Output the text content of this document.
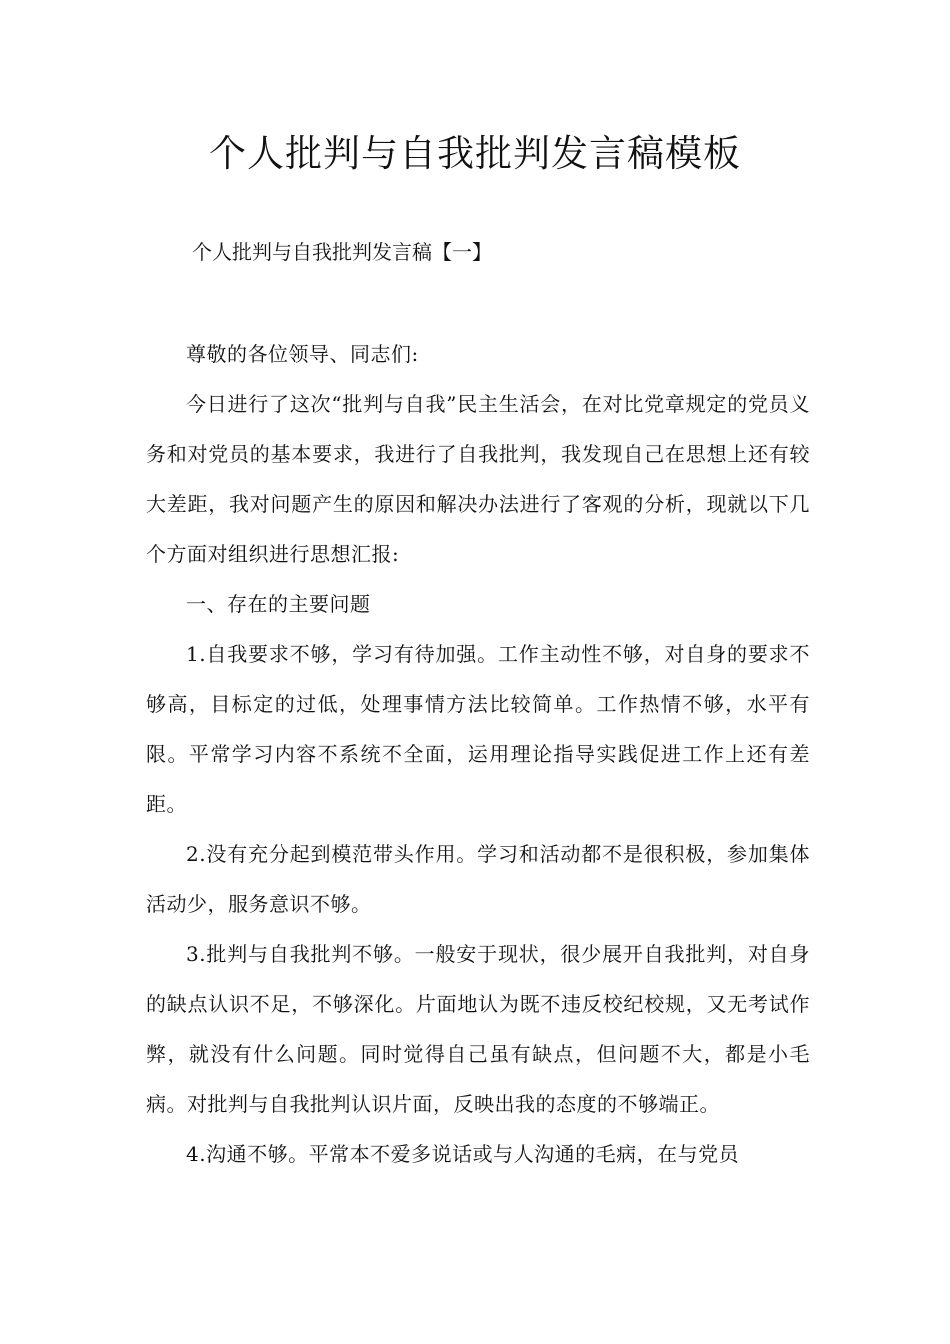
个人批判与自我批判发言稿模板

个人批判与自我批判发言稿【一】

尊敬的各位领导、同志们:

今日进行了这次“批判与自我”民主生活会，在对比党章规定的党员义务和对党员的基本要求，我进行了自我批判，我发现自己在思想上还有较大差距，我对问题产生的原因和解决办法进行了客观的分析，现就以下几个方面对组织进行思想汇报:

一、存在的主要问题

1.自我要求不够，学习有待加强。工作主动性不够，对自身的要求不够高，目标定的过低，处理事情方法比较简单。工作热情不够，水平有限。平常学习内容不系统不全面，运用理论指导实践促进工作上还有差距。

2.没有充分起到模范带头作用。学习和活动都不是很积极，参加集体活动少，服务意识不够。

3.批判与自我批判不够。一般安于现状，很少展开自我批判，对自身的缺点认识不足，不够深化。片面地认为既不违反校纪校规，又无考试作弊，就没有什么问题。同时觉得自己虽有缺点，但问题不大，都是小毛病。对批判与自我批判认识片面，反映出我的态度的不够端正。

4.沟通不够。平常本不爱多说话或与人沟通的毛病，在与党员
